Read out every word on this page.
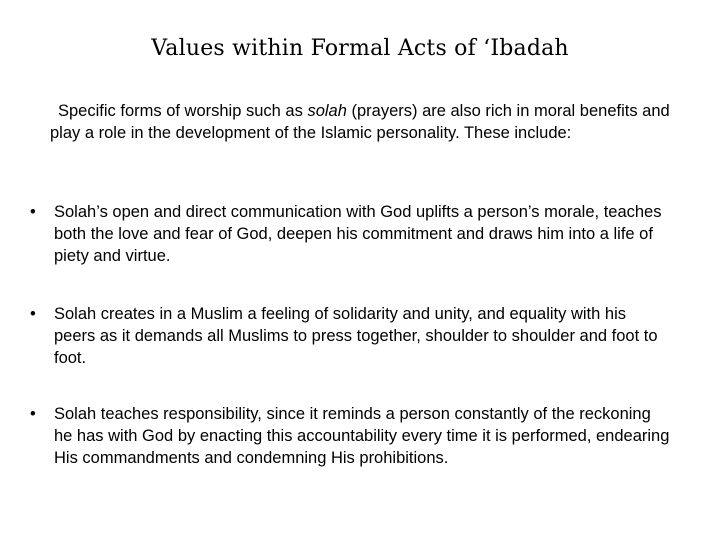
Values within Formal Acts of ‘Ibadah

Specific forms of worship such as solah (prayers) are also rich in moral benefits and play a role in the development of the Islamic personality. These include:

•	Solah’s open and direct communication with God uplifts a person’s morale, teaches both the love and fear of God, deepen his commitment and draws him into a life of piety and virtue.
•	Solah creates in a Muslim a feeling of solidarity and unity, and equality with his peers as it demands all Muslims to press together, shoulder to shoulder and foot to foot.
•	Solah teaches responsibility, since it reminds a person constantly of the reckoning he has with God by enacting this accountability every time it is performed, endearing His commandments and condemning His prohibitions.
